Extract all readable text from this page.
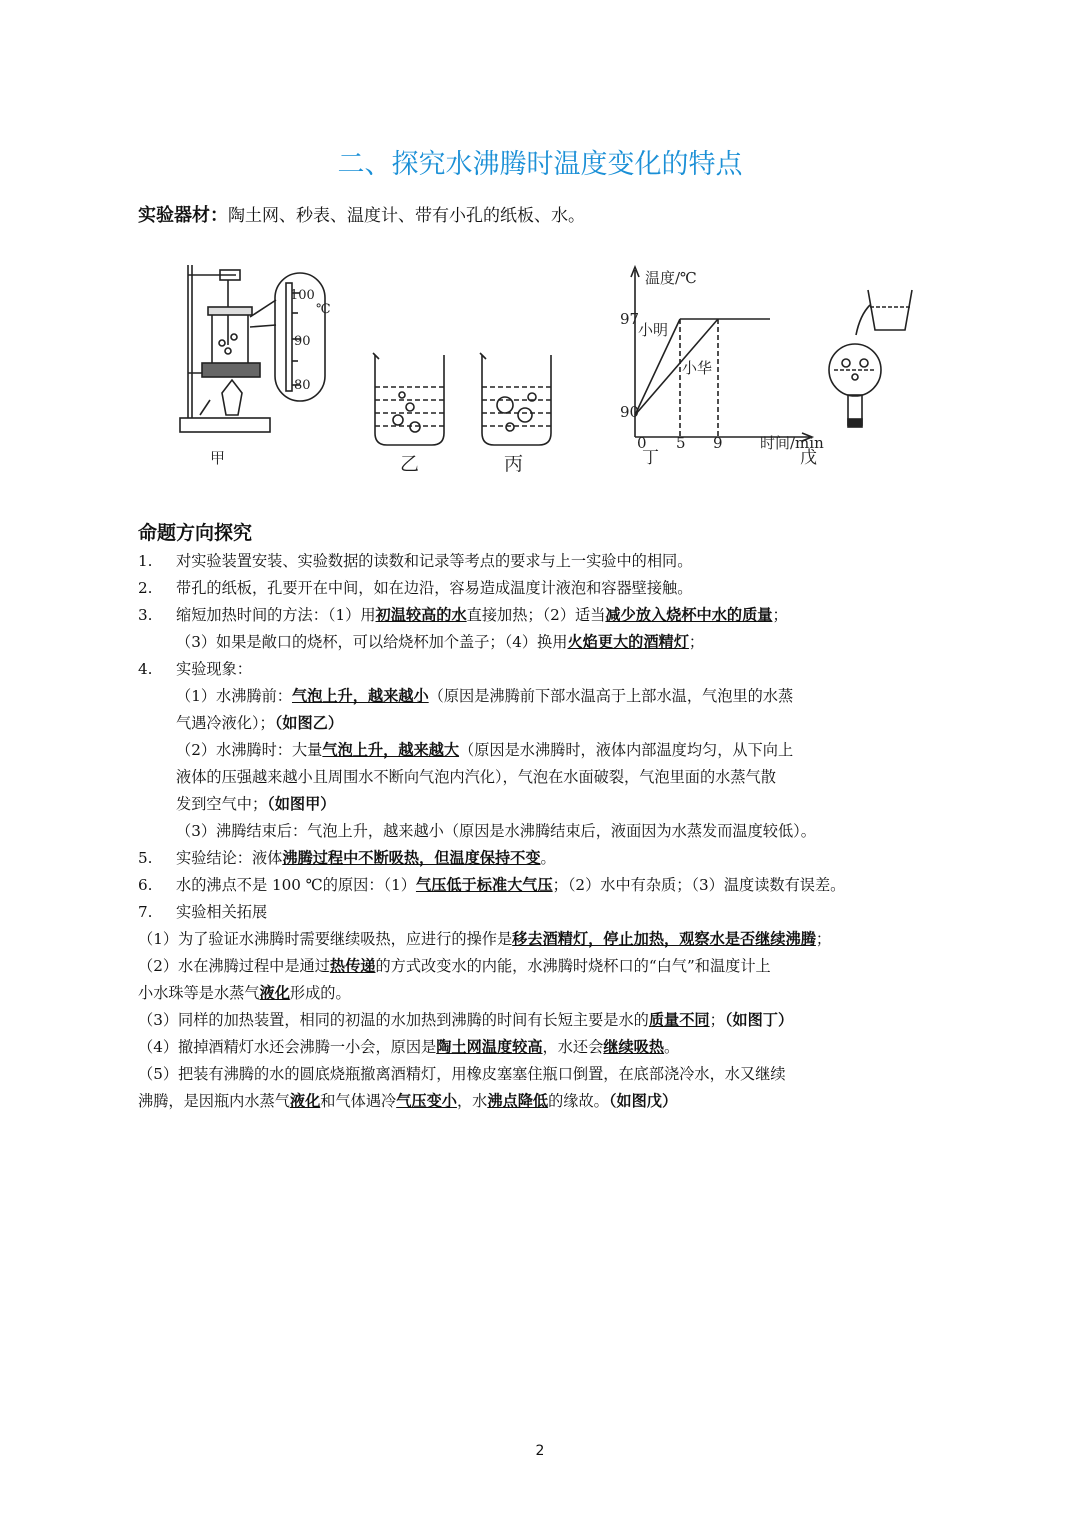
二、探究水沸腾时温度变化的特点
实验器材：陶土网、秒表、温度计、带有小孔的纸板、水。
100
℃
90
80
甲	乙	丙
温度/℃
97
90
小明
小华
0 5 9 时间/min
丁	戊
命题方向探究
1. 对实验装置安装、实验数据的读数和记录等考点的要求与上一实验中的相同。
2. 带孔的纸板，孔要开在中间，如在边沿，容易造成温度计液泡和容器壁接触。
3. 缩短加热时间的方法：（1）用初温较高的水直接加热；（2）适当减少放入烧杯中水的质量；
（3）如果是敞口的烧杯，可以给烧杯加个盖子；（4）换用火焰更大的酒精灯；
4. 实验现象：
（1）水沸腾前：气泡上升，越来越小（原因是沸腾前下部水温高于上部水温，气泡里的水蒸
气遇冷液化）；（如图乙）
（2）水沸腾时：大量气泡上升，越来越大（原因是水沸腾时，液体内部温度均匀，从下向上
液体的压强越来越小且周围水不断向气泡内汽化），气泡在水面破裂，气泡里面的水蒸气散
发到空气中；（如图甲）
（3）沸腾结束后：气泡上升，越来越小（原因是水沸腾结束后，液面因为水蒸发而温度较低）。
5. 实验结论：液体沸腾过程中不断吸热，但温度保持不变。
6. 水的沸点不是 100 ℃的原因：（1）气压低于标准大气压；（2）水中有杂质；（3）温度读数有误差。
7. 实验相关拓展
（1）为了验证水沸腾时需要继续吸热，应进行的操作是移去酒精灯，停止加热，观察水是否继续沸腾；
（2）水在沸腾过程中是通过热传递的方式改变水的内能，水沸腾时烧杯口的“白气”和温度计上
小水珠等是水蒸气液化形成的。
（3）同样的加热装置，相同的初温的水加热到沸腾的时间有长短主要是水的质量不同；（如图丁）
（4）撤掉酒精灯水还会沸腾一小会，原因是陶土网温度较高，水还会继续吸热。
（5）把装有沸腾的水的圆底烧瓶撤离酒精灯，用橡皮塞塞住瓶口倒置，在底部浇冷水，水又继续
沸腾，是因瓶内水蒸气液化和气体遇冷气压变小，水沸点降低的缘故。（如图戊）
2
